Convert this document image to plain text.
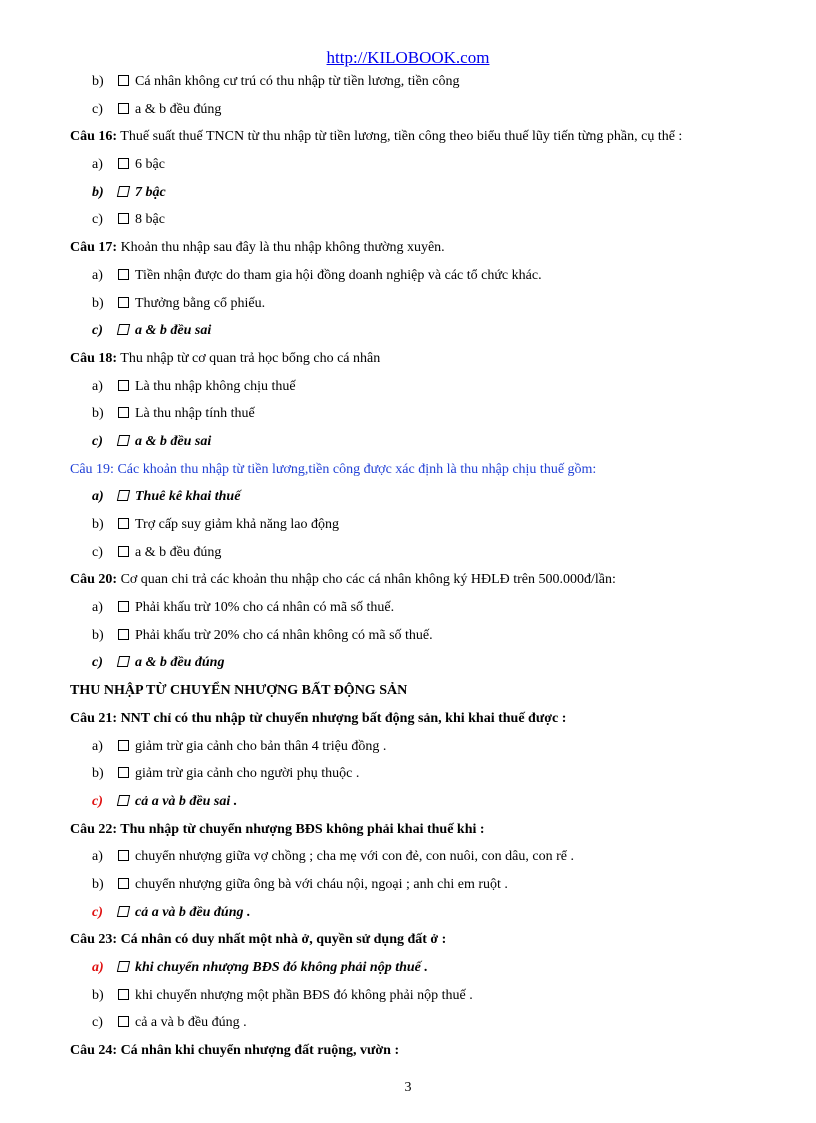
http://KILOBOOK.com
b) Cá nhân không cư trú có thu nhập từ tiền lương, tiền công
c) a & b đều đúng
Câu 16: Thuế suất thuế TNCN từ thu nhập từ tiền lương, tiền công theo biểu thuế lũy tiến từng phần, cụ thể :
a) 6 bậc
b) 7 bậc
c) 8 bậc
Câu 17: Khoản thu nhập sau đây là thu nhập không thường xuyên.
a) Tiền nhận được do tham gia hội đồng doanh nghiệp và các tổ chức khác.
b) Thưởng bằng cổ phiếu.
c) a & b đều sai
Câu 18: Thu nhập từ cơ quan trả học bổng cho cá nhân
a) Là thu nhập không chịu thuế
b) Là thu nhập tính thuế
c) a & b đều sai
Câu 19: Các khoản thu nhập từ tiền lương,tiền công được xác định là thu nhập chịu thuế gồm:
a) Thuê kê khai thuế
b) Trợ cấp suy giảm khả năng lao động
c) a & b đều đúng
Câu 20: Cơ quan chi trả các khoản thu nhập cho các cá nhân không ký HĐLĐ trên 500.000đ/lần:
a) Phải khấu trừ 10% cho cá nhân có mã số thuế.
b) Phải khấu trừ 20% cho cá nhân không có mã số thuế.
c) a & b đều đúng
THU NHẬP TỪ CHUYỂN NHƯỢNG BẤT ĐỘNG SẢN
Câu 21: NNT chỉ có thu nhập từ chuyển nhượng bất động sản, khi khai thuế được :
a) giảm trừ gia cảnh cho bản thân 4 triệu đồng .
b) giảm trừ gia cảnh cho người phụ thuộc .
c) cả a và b đều sai .
Câu 22: Thu nhập từ chuyển nhượng BĐS không phải khai thuế khi :
a) chuyển nhượng giữa vợ chồng ; cha mẹ với con đẻ, con nuôi, con dâu, con rể .
b) chuyển nhượng giữa ông bà với cháu nội, ngoại ; anh chi em ruột .
c) cả a và b đều đúng .
Câu 23: Cá nhân có duy nhất một nhà ở, quyền sử dụng đất ở :
a) khi chuyển nhượng BĐS đó không phải nộp thuế .
b) khi chuyển nhượng một phần BĐS đó không phải nộp thuế .
c) cả a và b đều đúng .
Câu 24: Cá nhân khi chuyển nhượng đất ruộng, vườn :
3
